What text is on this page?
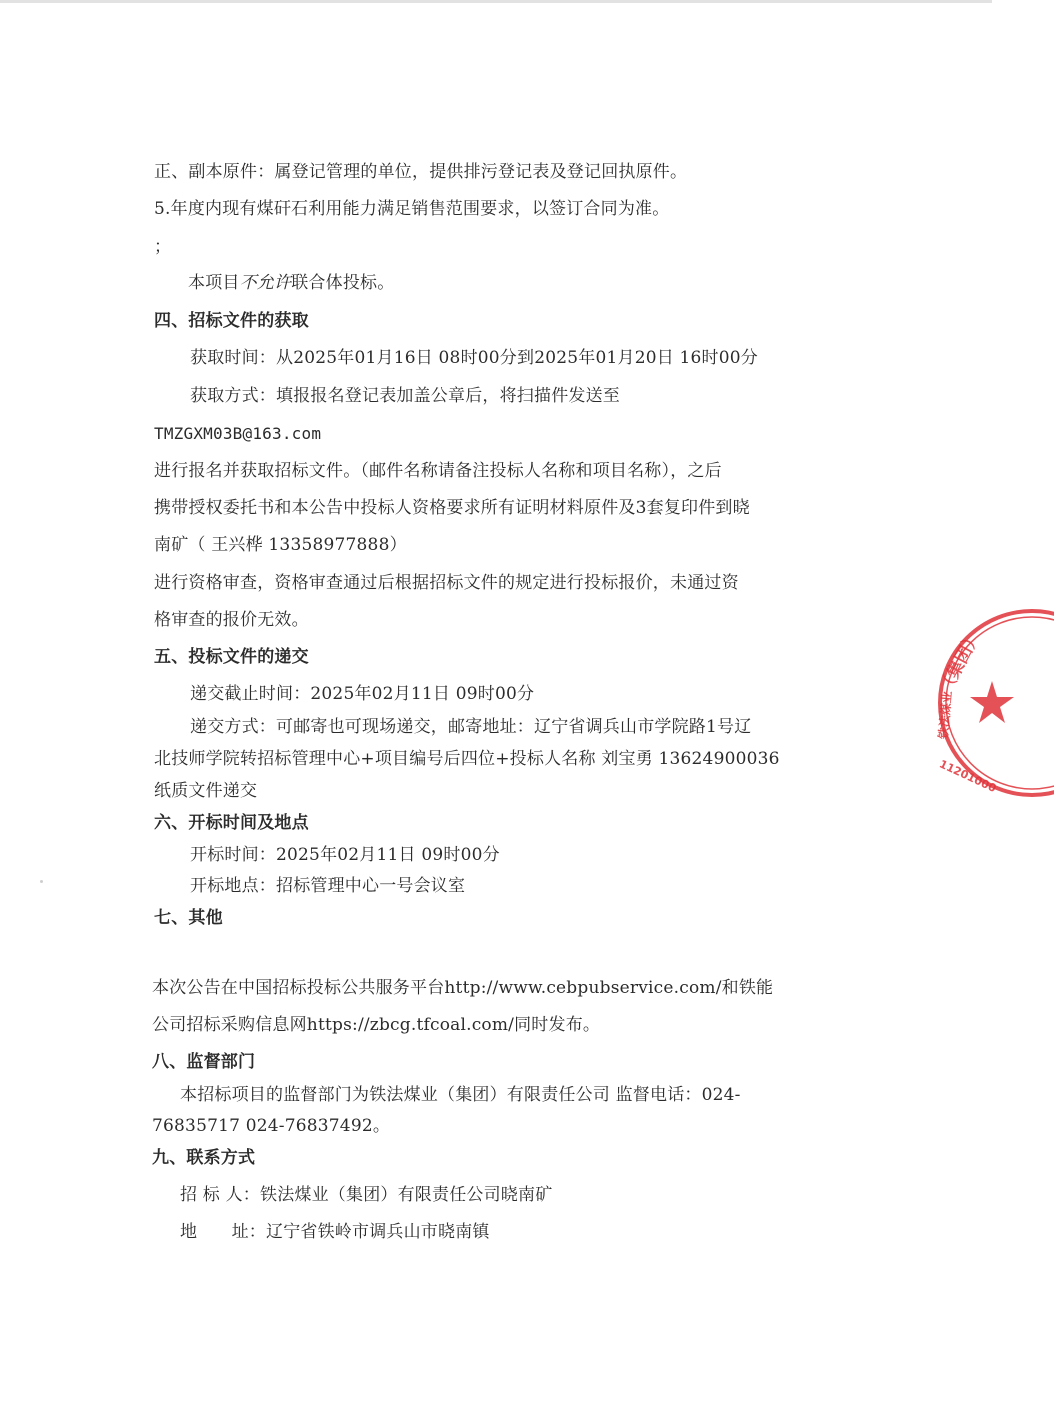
正、副本原件：属登记管理的单位，提供排污登记表及登记回执原件。
5.年度内现有煤矸石利用能力满足销售范围要求，以签订合同为准。
；
本项目不允许联合体投标。
四、招标文件的获取
获取时间：从2025年01月16日 08时00分到2025年01月20日 16时00分
获取方式：填报报名登记表加盖公章后，将扫描件发送至
TMZGXM03B@163.com
进行报名并获取招标文件。（邮件名称请备注投标人名称和项目名称），之后
携带授权委托书和本公告中投标人资格要求所有证明材料原件及3套复印件到晓
南矿（ 王兴桦 13358977888）
进行资格审查，资格审查通过后根据招标文件的规定进行投标报价，未通过资
格审查的报价无效。
五、投标文件的递交
递交截止时间：2025年02月11日 09时00分
递交方式：可邮寄也可现场递交，邮寄地址：辽宁省调兵山市学院路1号辽
北技师学院转招标管理中心+项目编号后四位+投标人名称 刘宝勇 13624900036
纸质文件递交
六、开标时间及地点
开标时间：2025年02月11日 09时00分
开标地点：招标管理中心一号会议室
七、其他
本次公告在中国招标投标公共服务平台http://www.cebpubservice.com/和铁能
公司招标采购信息网https://zbcg.tfcoal.com/同时发布。
八、监督部门
本招标项目的监督部门为铁法煤业（集团）有限责任公司 监督电话：024-
76835717 024-76837492。
九、联系方式
招 标 人：铁法煤业（集团）有限责任公司晓南矿
地　　址：辽宁省铁岭市调兵山市晓南镇
（集团）
铁法煤业
11201000
